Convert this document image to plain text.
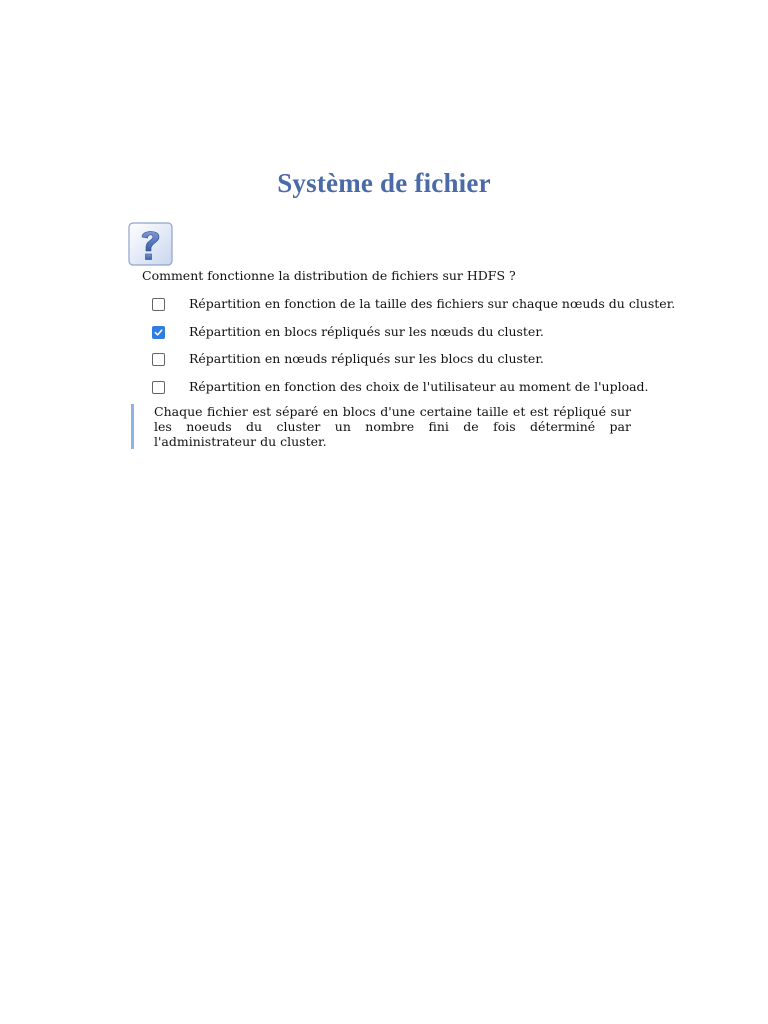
Système de fichier
Comment fonctionne la distribution de fichiers sur HDFS ?
Répartition en fonction de la taille des fichiers sur chaque nœuds du cluster.
Répartition en blocs répliqués sur les nœuds du cluster.
Répartition en nœuds répliqués sur les blocs du cluster.
Répartition en fonction des choix de l'utilisateur au moment de l'upload.
Chaque fichier est séparé en blocs d'une certaine taille et est répliqué sur les noeuds du cluster un nombre fini de fois déterminé par l'administrateur du cluster.
